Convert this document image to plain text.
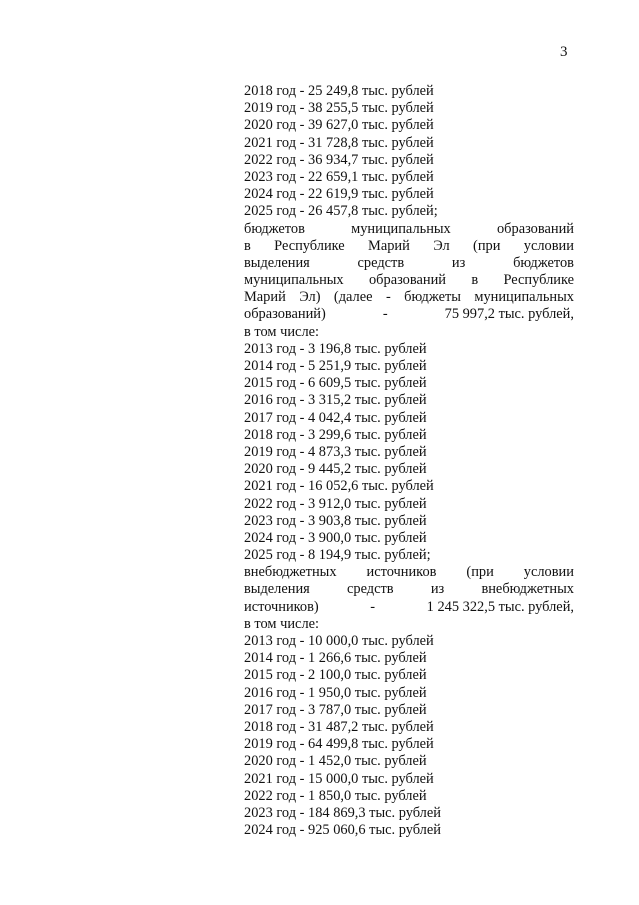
3
2018 год - 25 249,8 тыс. рублей
2019 год - 38 255,5 тыс. рублей
2020 год - 39 627,0 тыс. рублей
2021 год - 31 728,8 тыс. рублей
2022 год - 36 934,7 тыс. рублей
2023 год - 22 659,1 тыс. рублей
2024 год - 22 619,9 тыс. рублей
2025 год - 26 457,8 тыс. рублей;
бюджетов	муниципальных	образований
в Республике Марий Эл (при условии
выделения	средств	из	бюджетов
муниципальных образований в Республике
Марий Эл) (далее - бюджеты муниципальных
образований)	-	75 997,2 тыс. рублей,
в том числе:
2013 год - 3 196,8 тыс. рублей
2014 год - 5 251,9 тыс. рублей
2015 год - 6 609,5 тыс. рублей
2016 год - 3 315,2 тыс. рублей
2017 год - 4 042,4 тыс. рублей
2018 год - 3 299,6 тыс. рублей
2019 год - 4 873,3 тыс. рублей
2020 год - 9 445,2 тыс. рублей
2021 год - 16 052,6 тыс. рублей
2022 год - 3 912,0 тыс. рублей
2023 год - 3 903,8 тыс. рублей
2024 год - 3 900,0 тыс. рублей
2025 год - 8 194,9 тыс. рублей;
внебюджетных источников (при условии
выделения	средств	из	внебюджетных
источников)	-	1 245 322,5 тыс. рублей,
в том числе:
2013 год - 10 000,0 тыс. рублей
2014 год - 1 266,6 тыс. рублей
2015 год - 2 100,0 тыс. рублей
2016 год - 1 950,0 тыс. рублей
2017 год - 3 787,0 тыс. рублей
2018 год - 31 487,2 тыс. рублей
2019 год - 64 499,8 тыс. рублей
2020 год - 1 452,0 тыс. рублей
2021 год - 15 000,0 тыс. рублей
2022 год - 1 850,0 тыс. рублей
2023 год - 184 869,3 тыс. рублей
2024 год - 925 060,6 тыс. рублей
